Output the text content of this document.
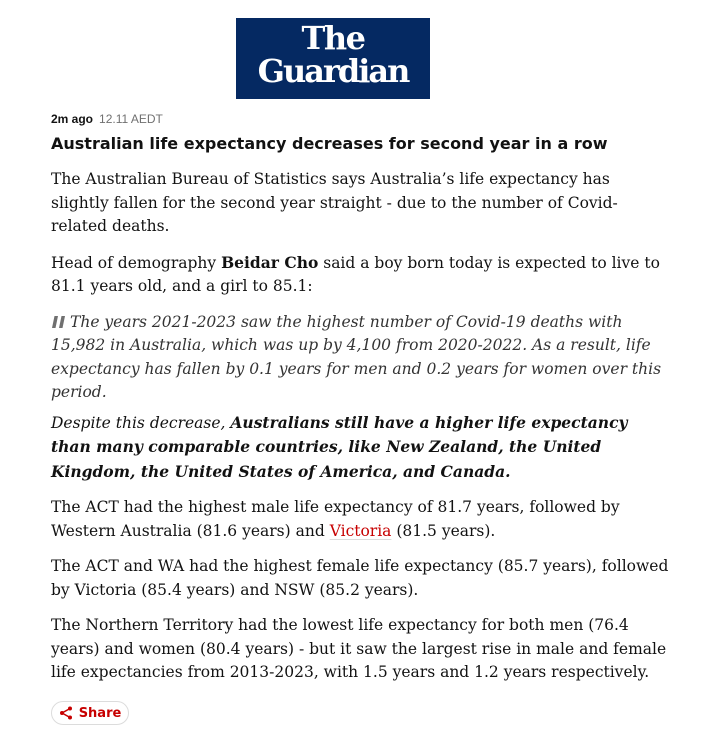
The
Guardian
2m ago 12.11 AEDT
Australian life expectancy decreases for second year in a row

The Australian Bureau of Statistics says Australia’s life expectancy has slightly fallen for the second year straight - due to the number of Covid-related deaths.

Head of demography Beidar Cho said a boy born today is expected to live to 81.1 years old, and a girl to 85.1:

The years 2021-2023 saw the highest number of Covid-19 deaths with 15,982 in Australia, which was up by 4,100 from 2020-2022. As a result, life expectancy has fallen by 0.1 years for men and 0.2 years for women over this period.

Despite this decrease, Australians still have a higher life expectancy than many comparable countries, like New Zealand, the United Kingdom, the United States of America, and Canada.

The ACT had the highest male life expectancy of 81.7 years, followed by Western Australia (81.6 years) and Victoria (81.5 years).

The ACT and WA had the highest female life expectancy (85.7 years), followed by Victoria (85.4 years) and NSW (85.2 years).

The Northern Territory had the lowest life expectancy for both men (76.4 years) and women (80.4 years) - but it saw the largest rise in male and female life expectancies from 2013-2023, with 1.5 years and 1.2 years respectively.

Share
